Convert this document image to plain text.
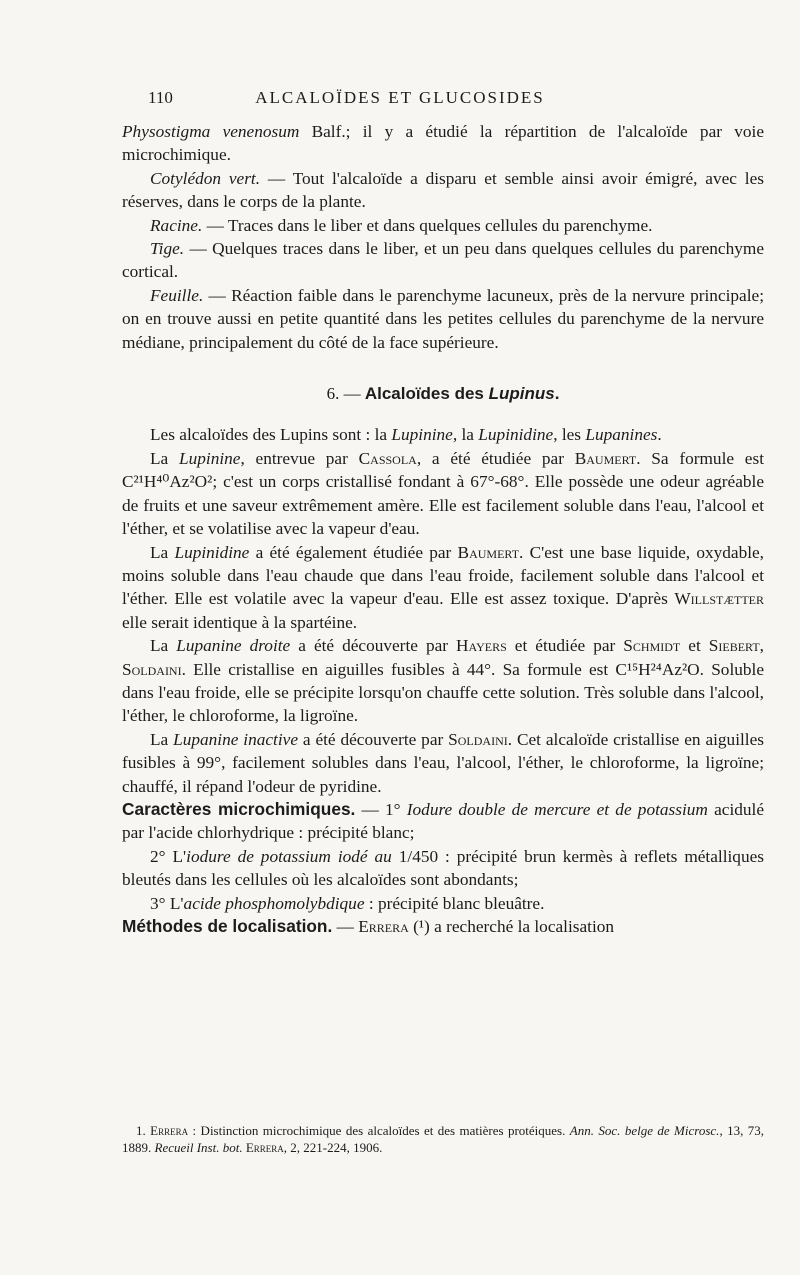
110	ALCALOÏDES ET GLUCOSIDES

Physostigma venenosum Balf.; il y a étudié la répartition de l'alcaloïde par voie microchimique.

Cotylédon vert. — Tout l'alcaloïde a disparu et semble ainsi avoir émigré, avec les réserves, dans le corps de la plante.

Racine. — Traces dans le liber et dans quelques cellules du parenchyme.

Tige. — Quelques traces dans le liber, et un peu dans quelques cellules du parenchyme cortical.

Feuille. — Réaction faible dans le parenchyme lacuneux, près de la nervure principale; on en trouve aussi en petite quantité dans les petites cellules du parenchyme de la nervure médiane, principalement du côté de la face supérieure.

6. — Alcaloïdes des Lupinus.

Les alcaloïdes des Lupins sont : la Lupinine, la Lupinidine, les Lupanines.

La Lupinine, entrevue par Cassola, a été étudiée par Baumert. Sa formule est C²¹H⁴⁰Az²O²; c'est un corps cristallisé fondant à 67°-68°. Elle possède une odeur agréable de fruits et une saveur extrêmement amère. Elle est facilement soluble dans l'eau, l'alcool et l'éther, et se volatilise avec la vapeur d'eau.

La Lupinidine a été également étudiée par Baumert. C'est une base liquide, oxydable, moins soluble dans l'eau chaude que dans l'eau froide, facilement soluble dans l'alcool et l'éther. Elle est volatile avec la vapeur d'eau. Elle est assez toxique. D'après Willstætter elle serait identique à la spartéine.

La Lupanine droite a été découverte par Hayers et étudiée par Schmidt et Siebert, Soldaini. Elle cristallise en aiguilles fusibles à 44°. Sa formule est C¹⁵H²⁴Az²O. Soluble dans l'eau froide, elle se précipite lorsqu'on chauffe cette solution. Très soluble dans l'alcool, l'éther, le chloroforme, la ligroïne.

La Lupanine inactive a été découverte par Soldaini. Cet alcaloïde cristallise en aiguilles fusibles à 99°, facilement solubles dans l'eau, l'alcool, l'éther, le chloroforme, la ligroïne; chauffé, il répand l'odeur de pyridine.

Caractères microchimiques. — 1° Iodure double de mercure et de potassium acidulé par l'acide chlorhydrique : précipité blanc;

2° L'iodure de potassium iodé au 1/450 : précipité brun kermès à reflets métalliques bleutés dans les cellules où les alcaloïdes sont abondants;

3° L'acide phosphomolybdique : précipité blanc bleuâtre.

Méthodes de localisation. — Errera (¹) a recherché la localisation

1. Errera : Distinction microchimique des alcaloïdes et des matières protéiques. Ann. Soc. belge de Microsc., 13, 73, 1889. Recueil Inst. bot. Errera, 2, 221-224, 1906.
